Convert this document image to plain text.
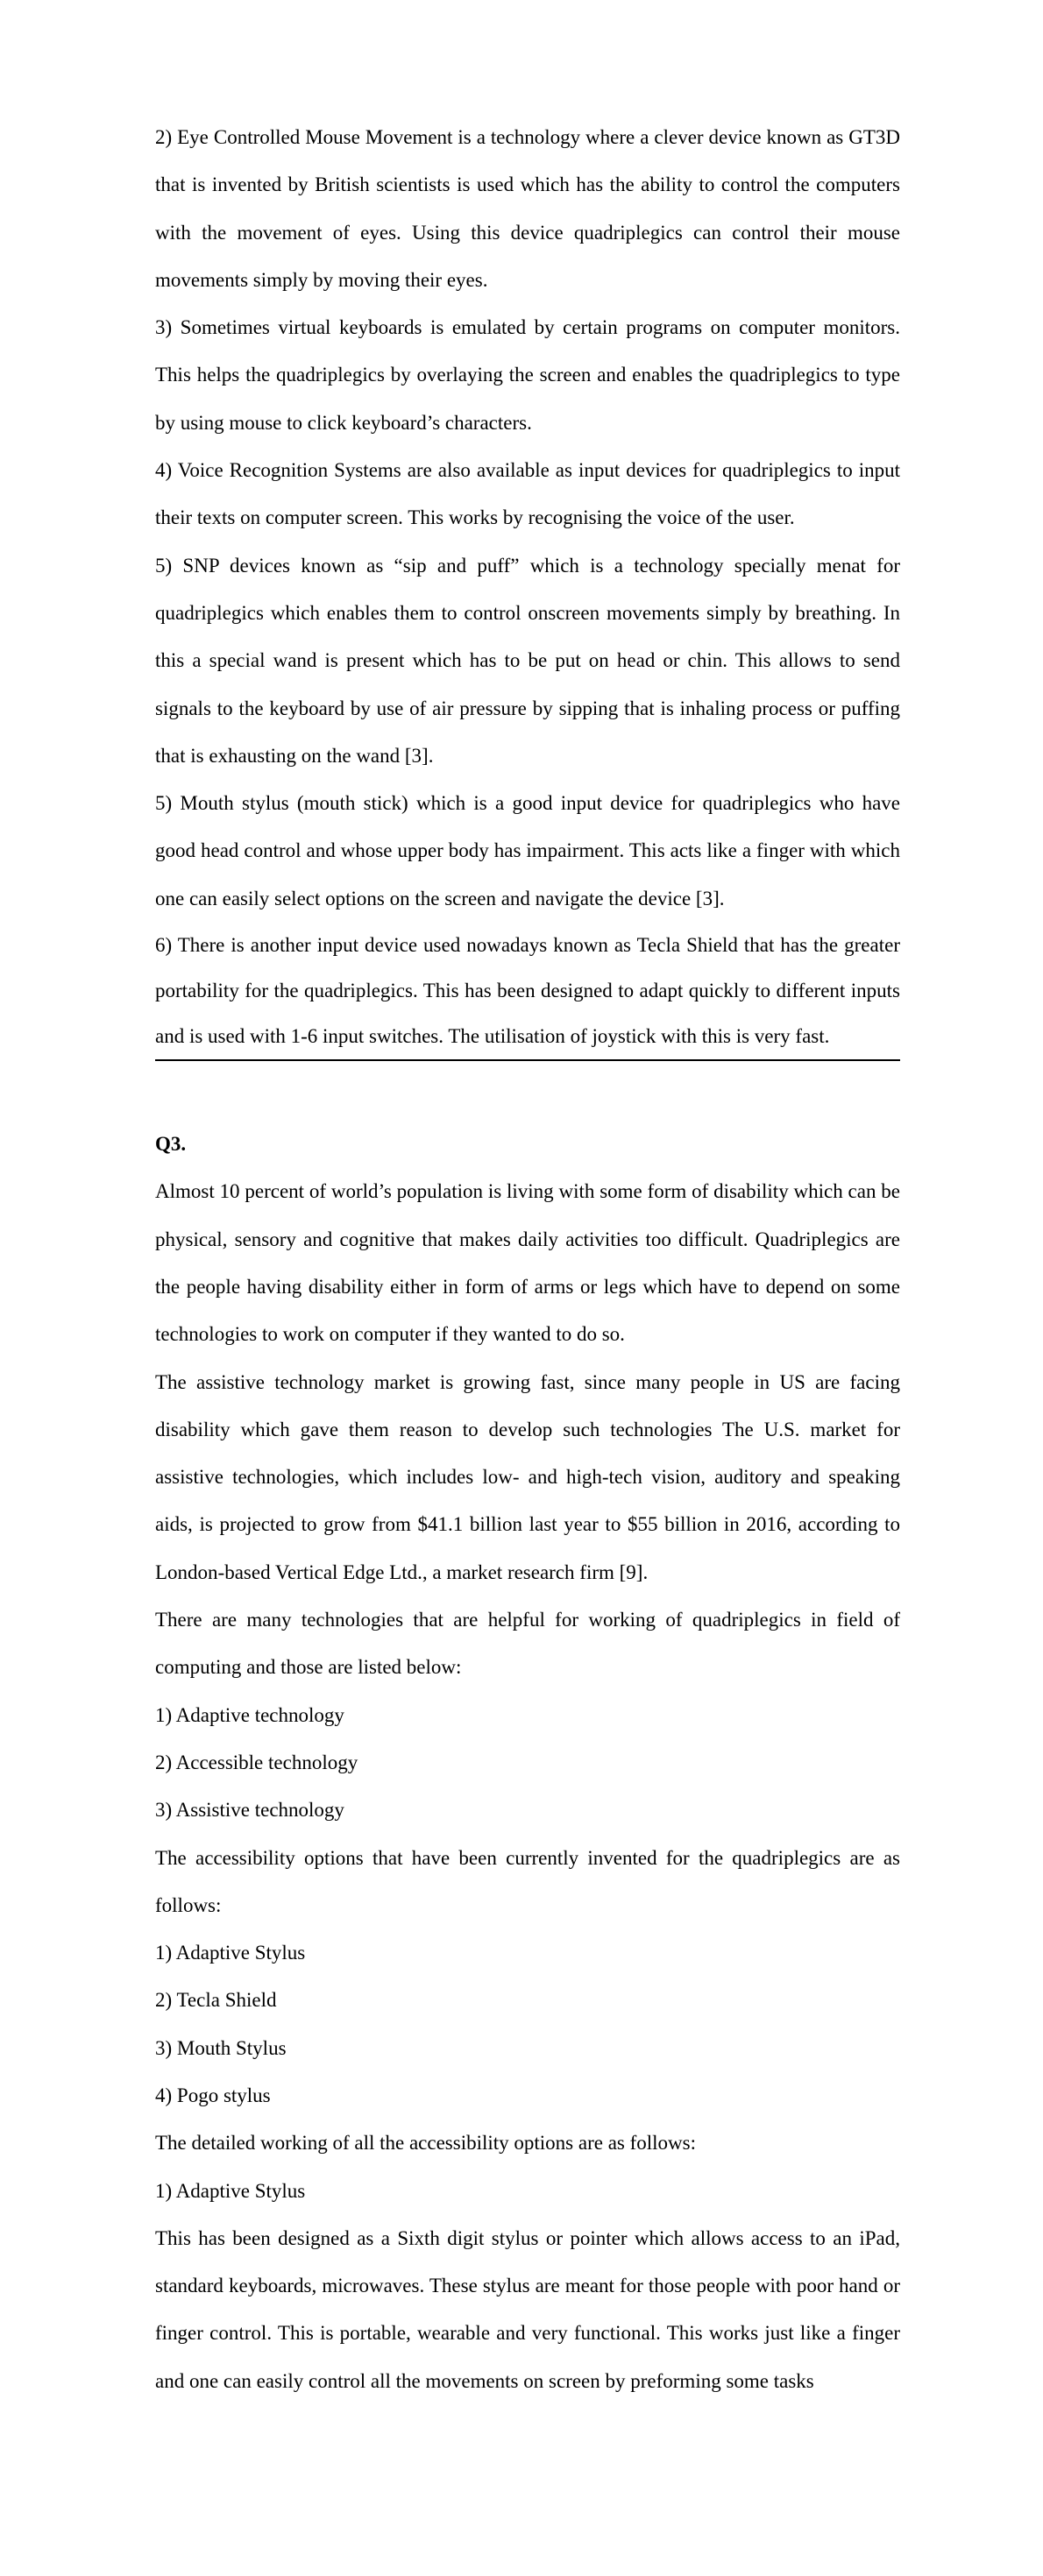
2) Eye Controlled Mouse Movement is a technology where a clever device known as GT3D that is invented by British scientists is used which has the ability to control the computers with the movement of eyes. Using this device quadriplegics can control their mouse movements simply by moving their eyes.

3) Sometimes virtual keyboards is emulated by certain programs on computer monitors. This helps the quadriplegics by overlaying the screen and enables the quadriplegics to type by using mouse to click keyboard’s characters.

4) Voice Recognition Systems are also available as input devices for quadriplegics to input their texts on computer screen. This works by recognising the voice of the user.

5) SNP devices known as “sip and puff” which is a technology specially menat for quadriplegics which enables them to control onscreen movements simply by breathing. In this a special wand is present which has to be put on head or chin. This allows to send signals to the keyboard by use of air pressure by sipping that is inhaling process or puffing that is exhausting on the wand [3].

5) Mouth stylus (mouth stick) which is a good input device for quadriplegics who have good head control and whose upper body has impairment. This acts like a finger with which one can easily select options on the screen and navigate the device [3].

6) There is another input device used nowadays known as Tecla Shield that has the greater portability for the quadriplegics. This has been designed to adapt quickly to different inputs and is used with 1-6 input switches. The utilisation of joystick with this is very fast.

Q3.

Almost 10 percent of world’s population is living with some form of disability which can be physical, sensory and cognitive that makes daily activities too difficult. Quadriplegics are the people having disability either in form of arms or legs which have to depend on some technologies to work on computer if they wanted to do so.

The assistive technology market is growing fast, since many people in US are facing disability which gave them reason to develop such technologies The U.S. market for assistive technologies, which includes low- and high-tech vision, auditory and speaking aids, is projected to grow from $41.1 billion last year to $55 billion in 2016, according to London-based Vertical Edge Ltd., a market research firm [9].

There are many technologies that are helpful for working of quadriplegics in field of computing and those are listed below:

1) Adaptive technology

2) Accessible technology

3) Assistive technology

The accessibility options that have been currently invented for the quadriplegics are as follows:

1) Adaptive Stylus

2) Tecla Shield

3) Mouth Stylus

4) Pogo stylus

The detailed working of all the accessibility options are as follows:

1) Adaptive Stylus

This has been designed as a Sixth digit stylus or pointer which allows access to an iPad, standard keyboards, microwaves. These stylus are meant for those people with poor hand or finger control. This is portable, wearable and very functional. This works just like a finger and one can easily control all the movements on screen by preforming some tasks
